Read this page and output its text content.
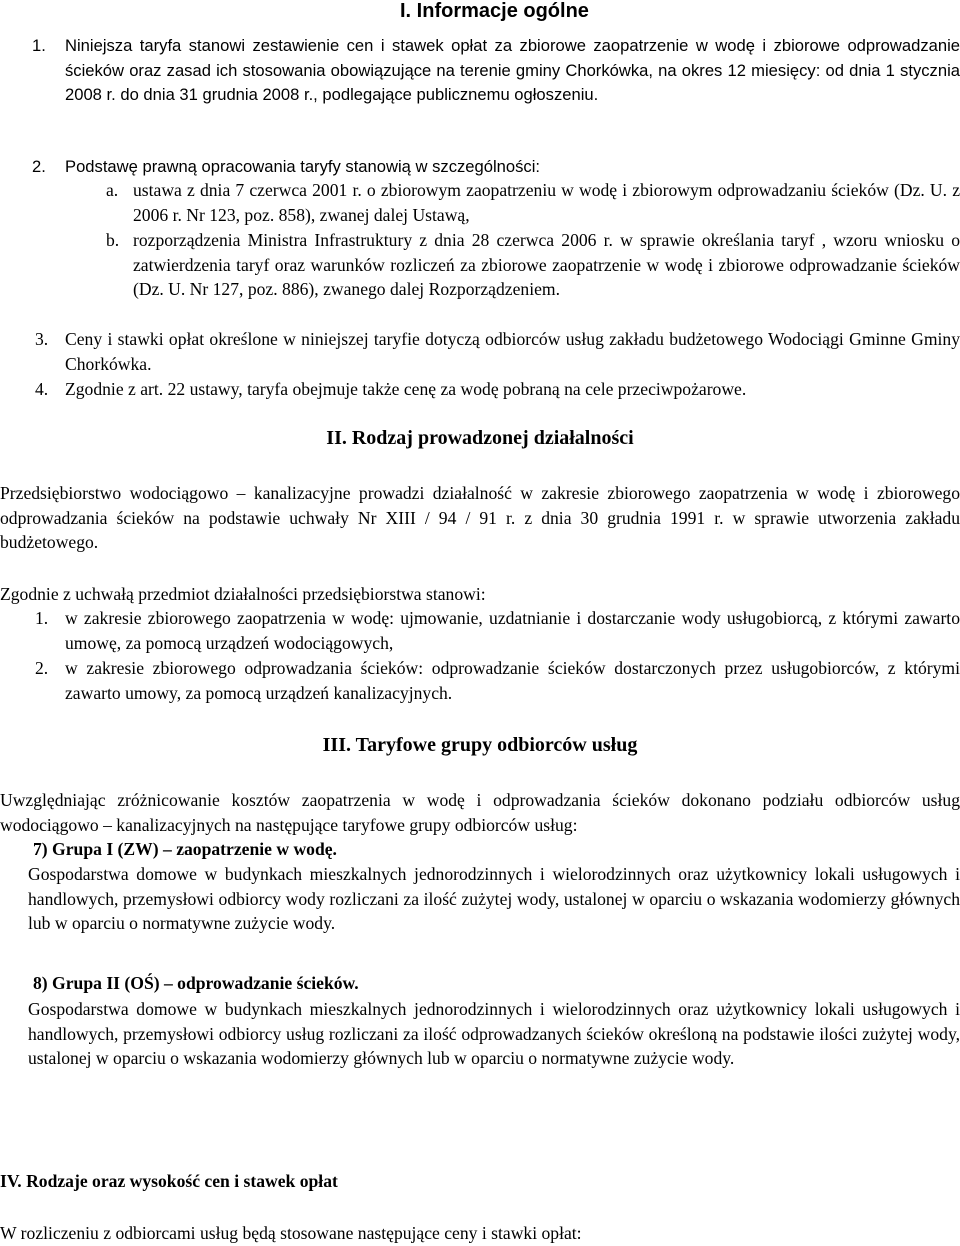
I. Informacje ogólne
1.	Niniejsza taryfa stanowi zestawienie cen i stawek opłat za zbiorowe zaopatrzenie w wodę i zbiorowe odprowadzanie ścieków oraz zasad ich stosowania obowiązujące na terenie gminy Chorkówka, na okres 12 miesięcy: od dnia 1 stycznia 2008 r. do dnia 31 grudnia 2008 r., podlegające publicznemu ogłoszeniu.
2.	Podstawę prawną opracowania taryfy stanowią w szczególności:
a. ustawa z dnia 7 czerwca 2001 r. o zbiorowym zaopatrzeniu w wodę i zbiorowym odprowadzaniu ścieków (Dz. U. z 2006 r. Nr 123, poz. 858), zwanej dalej Ustawą,
b. rozporządzenia Ministra Infrastruktury z dnia 28 czerwca 2006 r. w sprawie określania taryf , wzoru wniosku o zatwierdzenia taryf oraz warunków rozliczeń za zbiorowe zaopatrzenie w wodę i zbiorowe odprowadzanie ścieków (Dz. U. Nr 127, poz. 886), zwanego dalej Rozporządzeniem.
3. Ceny i stawki opłat określone w niniejszej taryfie dotyczą odbiorców usług zakładu budżetowego Wodociągi Gminne Gminy Chorkówka.
4. Zgodnie z art. 22 ustawy, taryfa obejmuje także cenę za wodę pobraną na cele przeciwpożarowe.
II. Rodzaj prowadzonej działalności
Przedsiębiorstwo wodociągowo – kanalizacyjne prowadzi działalność w zakresie zbiorowego zaopatrzenia w wodę i zbiorowego odprowadzania ścieków na podstawie uchwały Nr XIII / 94 / 91 r. z dnia 30 grudnia 1991 r. w sprawie utworzenia zakładu budżetowego.
Zgodnie z uchwałą przedmiot działalności przedsiębiorstwa stanowi:
1. w zakresie zbiorowego zaopatrzenia w wodę: ujmowanie, uzdatnianie i dostarczanie wody usługobiorcą, z którymi zawarto umowę, za pomocą urządzeń wodociągowych,
2. w zakresie zbiorowego odprowadzania ścieków: odprowadzanie ścieków dostarczonych przez usługobiorców, z którymi zawarto umowy, za pomocą urządzeń kanalizacyjnych.
III. Taryfowe grupy odbiorców usług
Uwzględniając zróżnicowanie kosztów zaopatrzenia w wodę i odprowadzania ścieków dokonano podziału odbiorców usług wodociągowo – kanalizacyjnych na następujące taryfowe grupy odbiorców usług:
7) Grupa I (ZW) – zaopatrzenie w wodę.
Gospodarstwa domowe w budynkach mieszkalnych jednorodzinnych i wielorodzinnych oraz użytkownicy lokali usługowych i handlowych, przemysłowi odbiorcy wody rozliczani za ilość zużytej wody, ustalonej w oparciu o wskazania wodomierzy głównych lub w oparciu o normatywne zużycie wody.
8) Grupa II (OŚ) – odprowadzanie ścieków.
Gospodarstwa domowe w budynkach mieszkalnych jednorodzinnych i wielorodzinnych oraz użytkownicy lokali usługowych i handlowych, przemysłowi odbiorcy usług rozliczani za ilość odprowadzanych ścieków określoną na podstawie ilości zużytej wody, ustalonej w oparciu o wskazania wodomierzy głównych lub w oparciu o normatywne zużycie wody.
IV. Rodzaje oraz wysokość cen i stawek opłat
W rozliczeniu z odbiorcami usług będą stosowane następujące ceny i stawki opłat:
